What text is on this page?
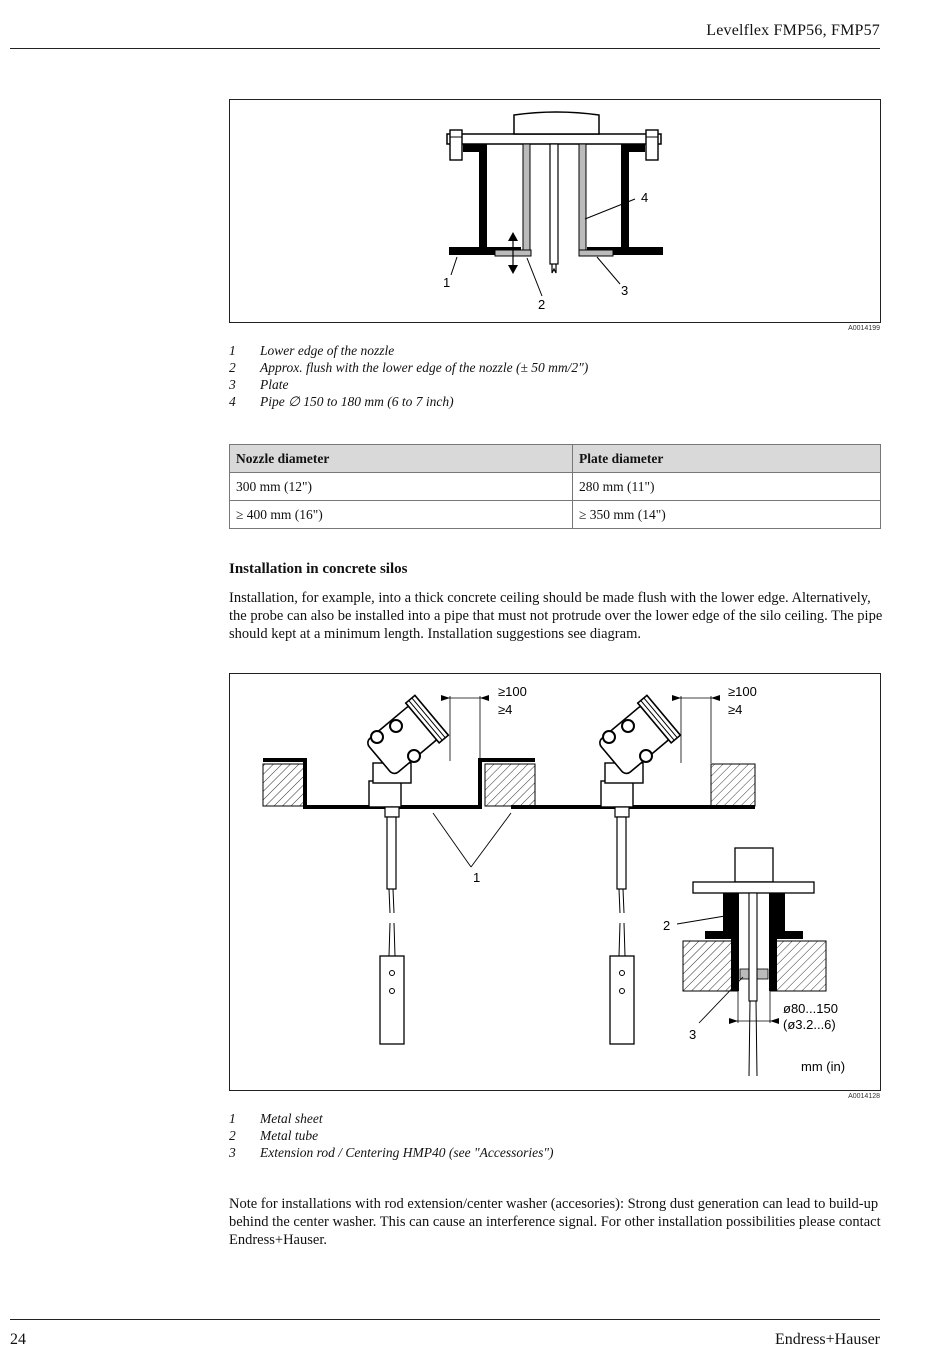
Levelflex FMP56, FMP57
1
2
3
4
A0014199
1 Lower edge of the nozzle
2 Approx. flush with the lower edge of the nozzle (± 50 mm/2")
3 Plate
4 Pipe ∅ 150 to 180 mm (6 to 7 inch)
Nozzle diameter	Plate diameter
300 mm (12")	280 mm (11")
≥ 400 mm (16")	≥ 350 mm (14")
Installation in concrete silos
Installation, for example, into a thick concrete ceiling should be made flush with the lower edge. Alternatively, the probe can also be installed into a pipe that must not protrude over the lower edge of the silo ceiling. The pipe should kept at a minimum length. Installation suggestions see diagram.
≥100
≥4
≥100
≥4
1
2
3
ø80...150
(ø3.2...6)
mm (in)
A0014128
1 Metal sheet
2 Metal tube
3 Extension rod / Centering HMP40 (see "Accessories")
Note for installations with rod extension/center washer (accesories): Strong dust generation can lead to build-up behind the center washer. This can cause an interference signal. For other installation possibilities please contact Endress+Hauser.
24	Endress+Hauser
